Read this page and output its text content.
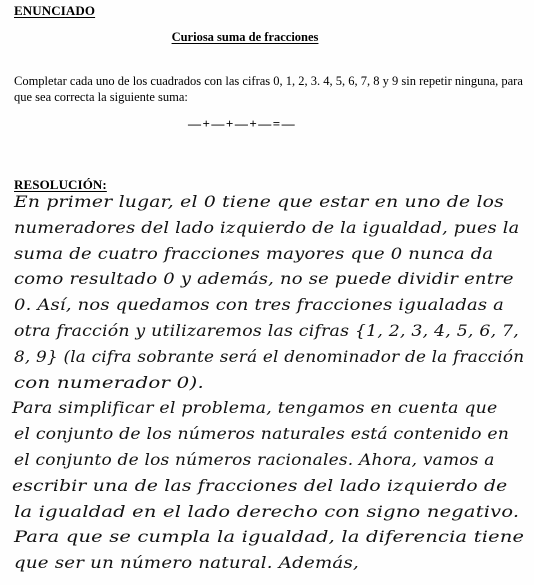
ENUNCIADO
Curiosa suma de fracciones
Completar cada uno de los cuadrados con las cifras 0, 1, 2, 3. 4, 5, 6, 7, 8 y 9 sin repetir ninguna, para que sea correcta la siguiente suma:
—+—+—+—=—
RESOLUCIÓN:
En primer lugar, el 0 tiene que estar en uno de los
numeradores del lado izquierdo de la igualdad, pues la
suma de cuatro fracciones mayores que 0 nunca da
como resultado 0 y además, no se puede dividir entre
0. Así, nos quedamos con tres fracciones igualadas a
otra fracción y utilizaremos las cifras {1, 2, 3, 4, 5, 6, 7,
8, 9} (la cifra sobrante será el denominador de la fracción
con numerador 0).
Para simplificar el problema, tengamos en cuenta que
el conjunto de los números naturales está contenido en
el conjunto de los números racionales. Ahora, vamos a
escribir una de las fracciones del lado izquierdo de
la igualdad en el lado derecho con signo negativo.
Para que se cumpla la igualdad, la diferencia tiene
que ser un número natural. Además,
